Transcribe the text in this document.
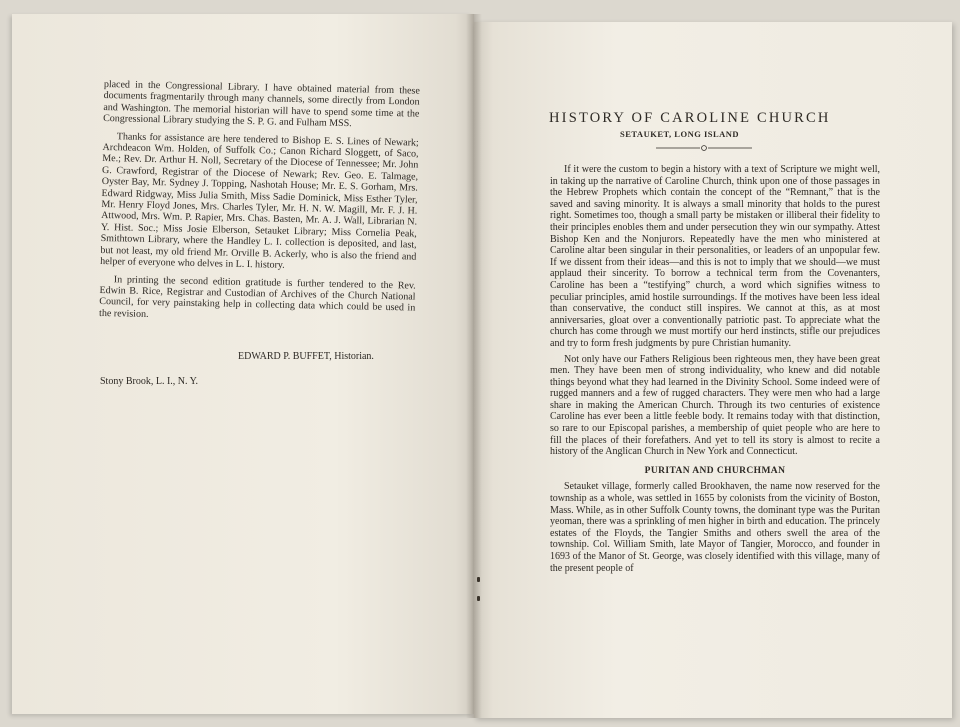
placed in the Congressional Library. I have obtained material from these documents fragmentarily through many channels, some directly from London and Washington. The memorial historian will have to spend some time at the Congressional Library studying the S. P. G. and Fulham MSS.

Thanks for assistance are here tendered to Bishop E. S. Lines of Newark; Archdeacon Wm. Holden, of Suffolk Co.; Canon Richard Sloggett, of Saco, Me.; Rev. Dr. Arthur H. Noll, Secretary of the Diocese of Tennessee; Mr. John G. Crawford, Registrar of the Diocese of Newark; Rev. Geo. E. Talmage, Oyster Bay, Mr. Sydney J. Topping, Nashotah House; Mr. E. S. Gorham, Mrs. Edward Ridgway, Miss Julia Smith, Miss Sadie Dominick, Miss Esther Tyler, Mr. Henry Floyd Jones, Mrs. Charles Tyler, Mr. H. N. W. Magill, Mr. F. J. H. Attwood, Mrs. Wm. P. Rapier, Mrs. Chas. Basten, Mr. A. J. Wall, Librarian N. Y. Hist. Soc.; Miss Josie Elberson, Setauket Library; Miss Cornelia Peak, Smithtown Library, where the Handley L. I. collection is deposited, and last, but not least, my old friend Mr. Orville B. Ackerly, who is also the friend and helper of everyone who delves in L. I. history.

In printing the second edition gratitude is further tendered to the Rev. Edwin B. Rice, Registrar and Custodian of Archives of the Church National Council, for very painstaking help in collecting data which could be used in the revision.

EDWARD P. BUFFET, Historian.
Stony Brook, L. I., N. Y.
HISTORY OF CAROLINE CHURCH
SETAUKET, LONG ISLAND

If it were the custom to begin a history with a text of Scripture we might well, in taking up the narrative of Caroline Church, think upon one of those passages in the Hebrew Prophets which contain the concept of the “Remnant,” that is the saved and saving minority. It is always a small minority that holds to the purest right. Sometimes too, though a small party be mistaken or illiberal their fidelity to their principles enobles them and under persecution they win our sympathy. Attest Bishop Ken and the Nonjurors. Repeatedly have the men who ministered at Caroline altar been singular in their personalities, or leaders of an unpopular few. If we dissent from their ideas—and this is not to imply that we should—we must applaud their sincerity. To borrow a technical term from the Covenanters, Caroline has been a “testifying” church, a word which signifies witness to peculiar principles, amid hostile surroundings. If the motives have been less ideal than conservative, the conduct still inspires. We cannot at this, as at most anniversaries, gloat over a conventionally patriotic past. To appreciate what the church has come through we must mortify our herd instincts, stifle our prejudices and try to form fresh judgments by pure Christian humanity.

Not only have our Fathers Religious been righteous men, they have been great men. They have been men of strong individuality, who knew and did notable things beyond what they had learned in the Divinity School. Some indeed were of rugged manners and a few of rugged characters. They were men who had a large share in making the American Church. Through its two centuries of existence Caroline has ever been a little feeble body. It remains today with that distinction, so rare to our Episcopal parishes, a membership of quiet people who are here to fill the places of their forefathers. And yet to tell its story is almost to recite a history of the Anglican Church in New York and Connecticut.

PURITAN AND CHURCHMAN

Setauket village, formerly called Brookhaven, the name now reserved for the township as a whole, was settled in 1655 by colonists from the vicinity of Boston, Mass. While, as in other Suffolk County towns, the dominant type was the Puritan yeoman, there was a sprinkling of men higher in birth and education. The princely estates of the Floyds, the Tangier Smiths and others swell the area of the township. Col. William Smith, late Mayor of Tangier, Morocco, and founder in 1693 of the Manor of St. George, was closely identified with this village, many of the present people of
